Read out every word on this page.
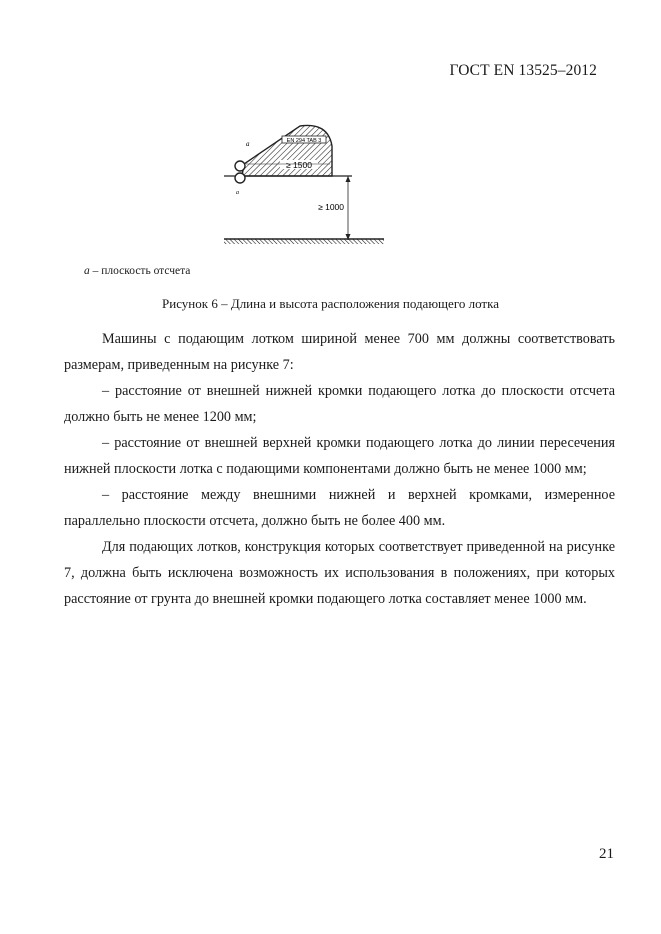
ГОСТ EN 13525–2012
EN 294 TAB 3
≥ 1500
a
a
≥ 1000
a – плоскость отсчета
Рисунок 6 – Длина и высота расположения подающего лотка

Машины с подающим лотком шириной менее 700 мм должны соответствовать размерам, приведенным на рисунке 7:

– расстояние от внешней нижней кромки подающего лотка до плоскости отсчета должно быть не менее 1200 мм;

– расстояние от внешней верхней кромки подающего лотка до линии пересечения нижней плоскости лотка с подающими компонентами должно быть не менее 1000 мм;

– расстояние между внешними нижней и верхней кромками, измеренное параллельно плоскости отсчета, должно быть не более 400 мм.

Для подающих лотков, конструкция которых соответствует приведенной на рисунке 7, должна быть исключена возможность их использования в положениях, при которых расстояние от грунта до внешней кромки подающего лотка составляет менее 1000 мм.

21
